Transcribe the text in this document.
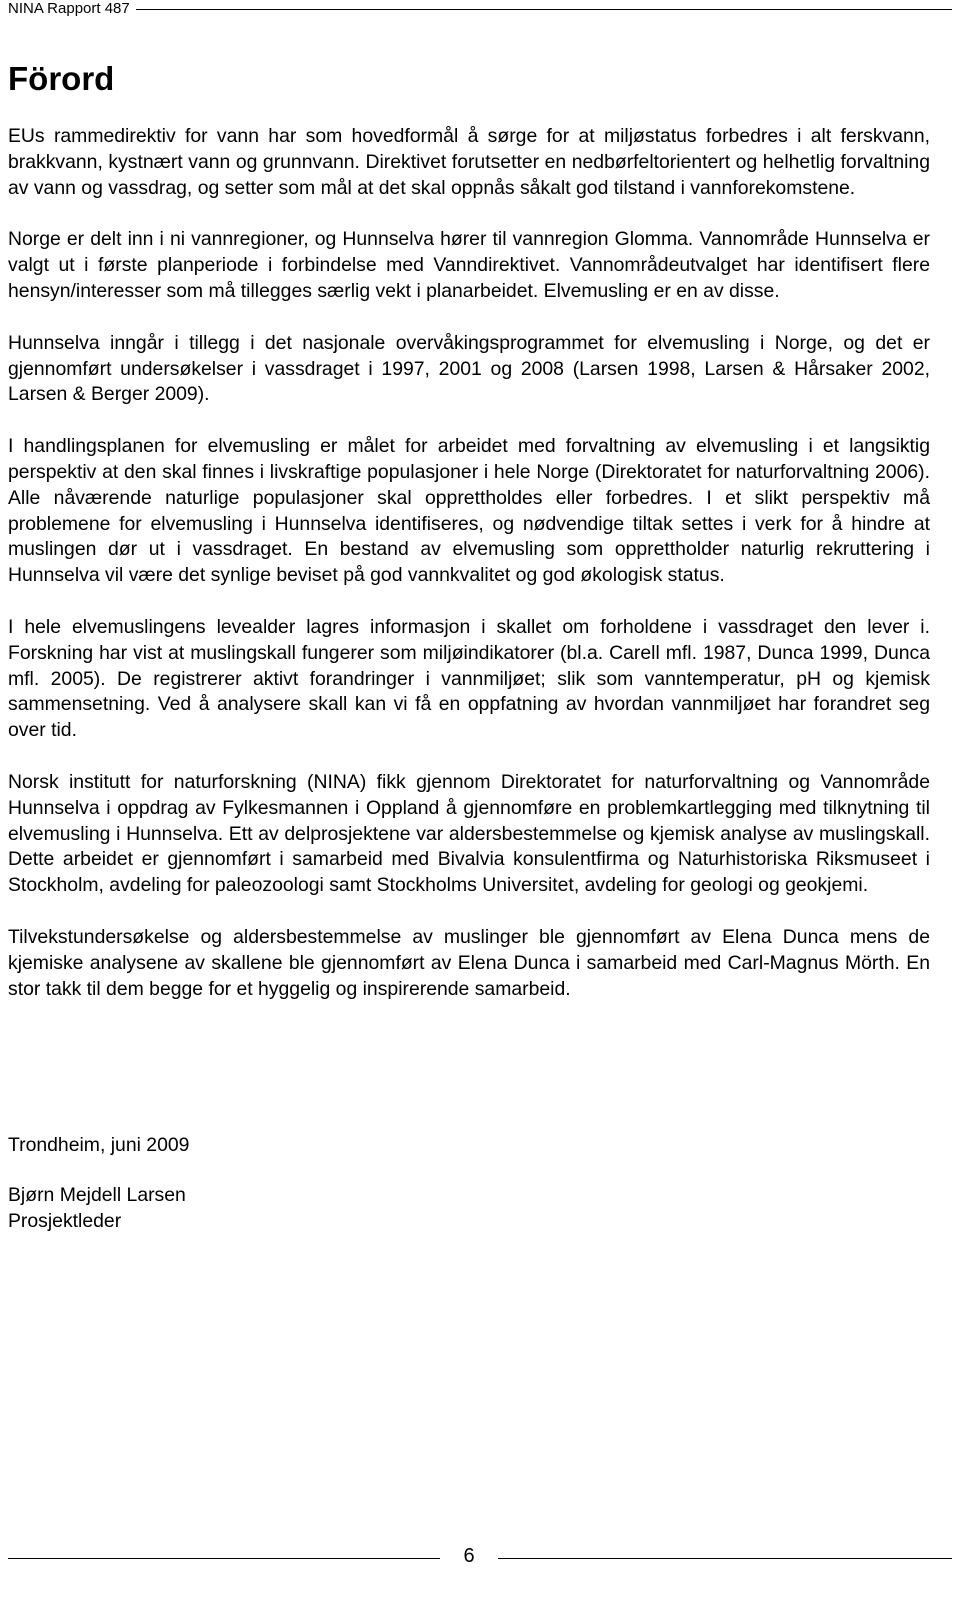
NINA Rapport 487
Förord

EUs rammedirektiv for vann har som hovedformål å sørge for at miljøstatus forbedres i alt ferskvann, brakkvann, kystnært vann og grunnvann. Direktivet forutsetter en nedbørfeltorientert og helhetlig forvaltning av vann og vassdrag, og setter som mål at det skal oppnås såkalt god tilstand i vannforekomstene.

Norge er delt inn i ni vannregioner, og Hunnselva hører til vannregion Glomma. Vannområde Hunnselva er valgt ut i første planperiode i forbindelse med Vanndirektivet. Vannområdeutvalget har identifisert flere hensyn/interesser som må tillegges særlig vekt i planarbeidet. Elvemusling er en av disse.

Hunnselva inngår i tillegg i det nasjonale overvåkingsprogrammet for elvemusling i Norge, og det er gjennomført undersøkelser i vassdraget i 1997, 2001 og 2008 (Larsen 1998, Larsen & Hårsaker 2002, Larsen & Berger 2009).

I handlingsplanen for elvemusling er målet for arbeidet med forvaltning av elvemusling i et langsiktig perspektiv at den skal finnes i livskraftige populasjoner i hele Norge (Direktoratet for naturforvaltning 2006). Alle nåværende naturlige populasjoner skal opprettholdes eller forbedres. I et slikt perspektiv må problemene for elvemusling i Hunnselva identifiseres, og nødvendige tiltak settes i verk for å hindre at muslingen dør ut i vassdraget. En bestand av elvemusling som opprettholder naturlig rekruttering i Hunnselva vil være det synlige beviset på god vannkvalitet og god økologisk status.

I hele elvemuslingens levealder lagres informasjon i skallet om forholdene i vassdraget den lever i. Forskning har vist at muslingskall fungerer som miljøindikatorer (bl.a. Carell mfl. 1987, Dunca 1999, Dunca mfl. 2005). De registrerer aktivt forandringer i vannmiljøet; slik som vanntemperatur, pH og kjemisk sammensetning. Ved å analysere skall kan vi få en oppfatning av hvordan vannmiljøet har forandret seg over tid.

Norsk institutt for naturforskning (NINA) fikk gjennom Direktoratet for naturforvaltning og Vannområde Hunnselva i oppdrag av Fylkesmannen i Oppland å gjennomføre en problemkartlegging med tilknytning til elvemusling i Hunnselva. Ett av delprosjektene var aldersbestemmelse og kjemisk analyse av muslingskall. Dette arbeidet er gjennomført i samarbeid med Bivalvia konsulentfirma og Naturhistoriska Riksmuseet i Stockholm, avdeling for paleozoologi samt Stockholms Universitet, avdeling for geologi og geokjemi.

Tilvekstundersøkelse og aldersbestemmelse av muslinger ble gjennomført av Elena Dunca mens de kjemiske analysene av skallene ble gjennomført av Elena Dunca i samarbeid med Carl-Magnus Mörth. En stor takk til dem begge for et hyggelig og inspirerende samarbeid.

Trondheim, juni 2009

Bjørn Mejdell Larsen

Prosjektleder

6
